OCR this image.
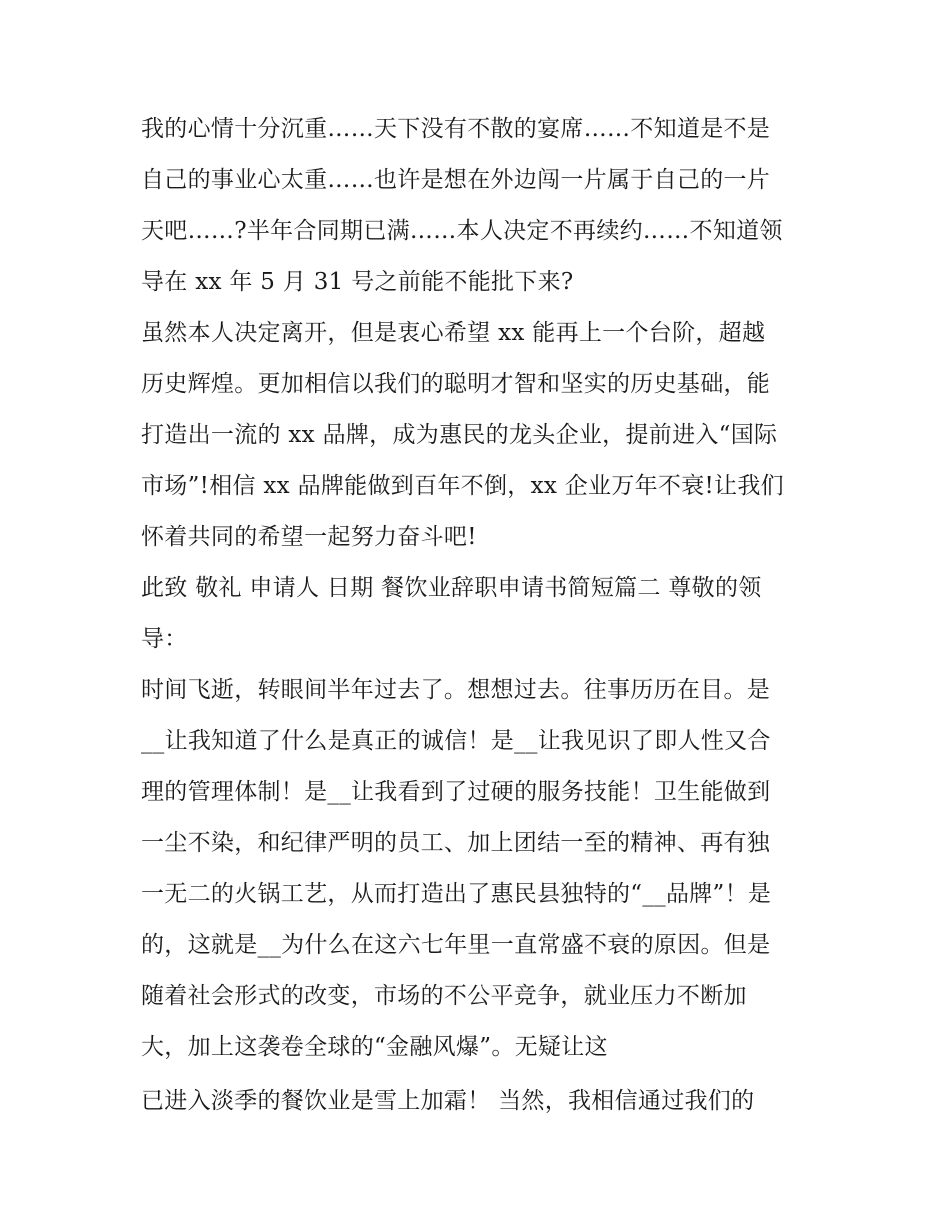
我的心情十分沉重……天下没有不散的宴席……不知道是不是
自己的事业心太重……也许是想在外边闯一片属于自己的一片
天吧……?半年合同期已满……本人决定不再续约……不知道领
导在 xx 年 5 月 31 号之前能不能批下来?
虽然本人决定离开，但是衷心希望 xx 能再上一个台阶，超越
历史辉煌。更加相信以我们的聪明才智和坚实的历史基础，能
打造出一流的 xx 品牌，成为惠民的龙头企业，提前进入“国际
市场”!相信 xx 品牌能做到百年不倒，xx 企业万年不衰!让我们
怀着共同的希望一起努力奋斗吧!
此致 敬礼 申请人 日期 餐饮业辞职申请书简短篇二 尊敬的领
导：
时间飞逝，转眼间半年过去了。想想过去。往事历历在目。是
__让我知道了什么是真正的诚信！是__让我见识了即人性又合
理的管理体制！是__让我看到了过硬的服务技能！卫生能做到
一尘不染，和纪律严明的员工、加上团结一至的精神、再有独
一无二的火锅工艺，从而打造出了惠民县独特的“__品牌”！是
的，这就是__为什么在这六七年里一直常盛不衰的原因。但是
随着社会形式的改变，市场的不公平竞争，就业压力不断加
大，加上这袭卷全球的“金融风爆”。无疑让这
已进入淡季的餐饮业是雪上加霜！ 当然，我相信通过我们的
